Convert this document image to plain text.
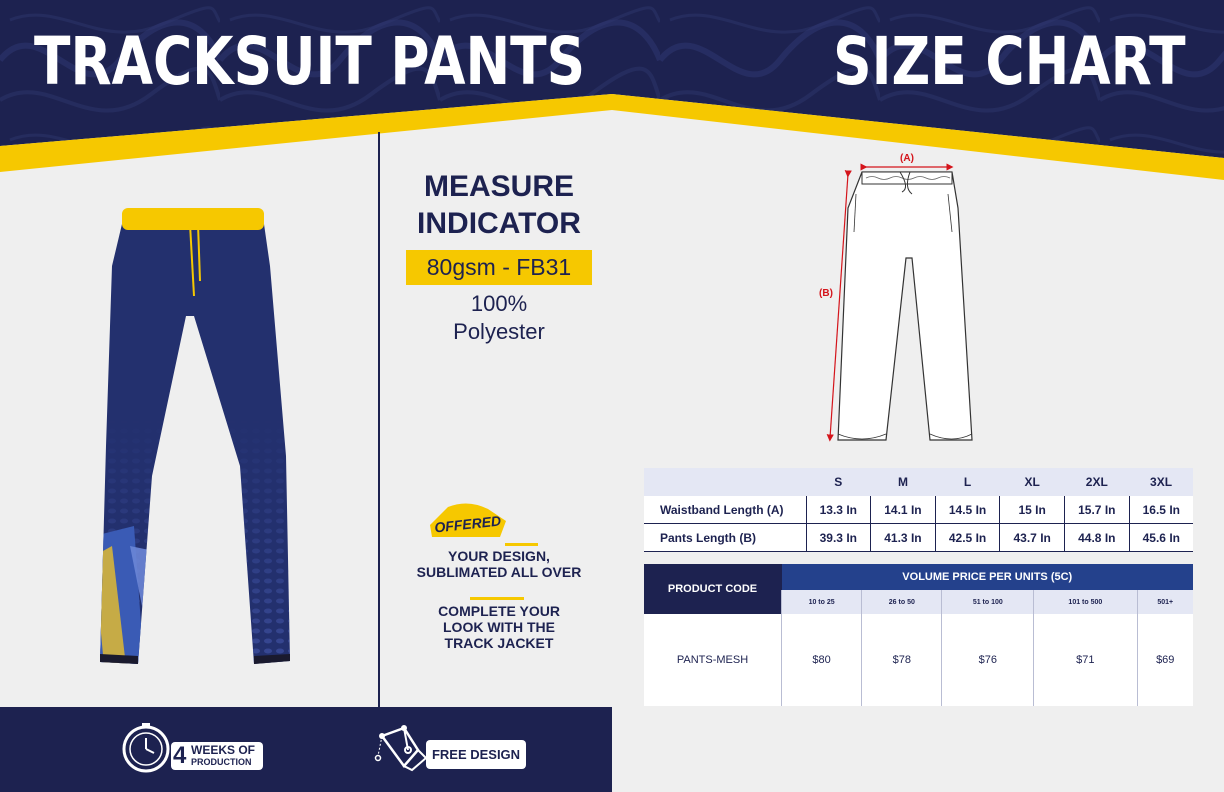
TRACKSUIT PANTS	SIZE CHART
MEASURE
INDICATOR
80gsm - FB31
100%
Polyester
OFFERED
YOUR DESIGN,
SUBLIMATED ALL OVER
COMPLETE YOUR
LOOK WITH THE
TRACK JACKET
4 WEEKS OF
PRODUCTION	FREE DESIGN
(A)
(B)
	S	M	L	XL	2XL	3XL
Waistband Length (A)	13.3 In	14.1 In	14.5 In	15 In	15.7 In	16.5 In
Pants Length (B)	39.3 In	41.3 In	42.5 In	43.7 In	44.8 In	45.6 In
PRODUCT CODE	VOLUME PRICE PER UNITS (5C)				
	10 to 25	26 to 50	51 to 100	101 to 500	501+
PANTS-MESH	$80	$78	$76	$71	$69
